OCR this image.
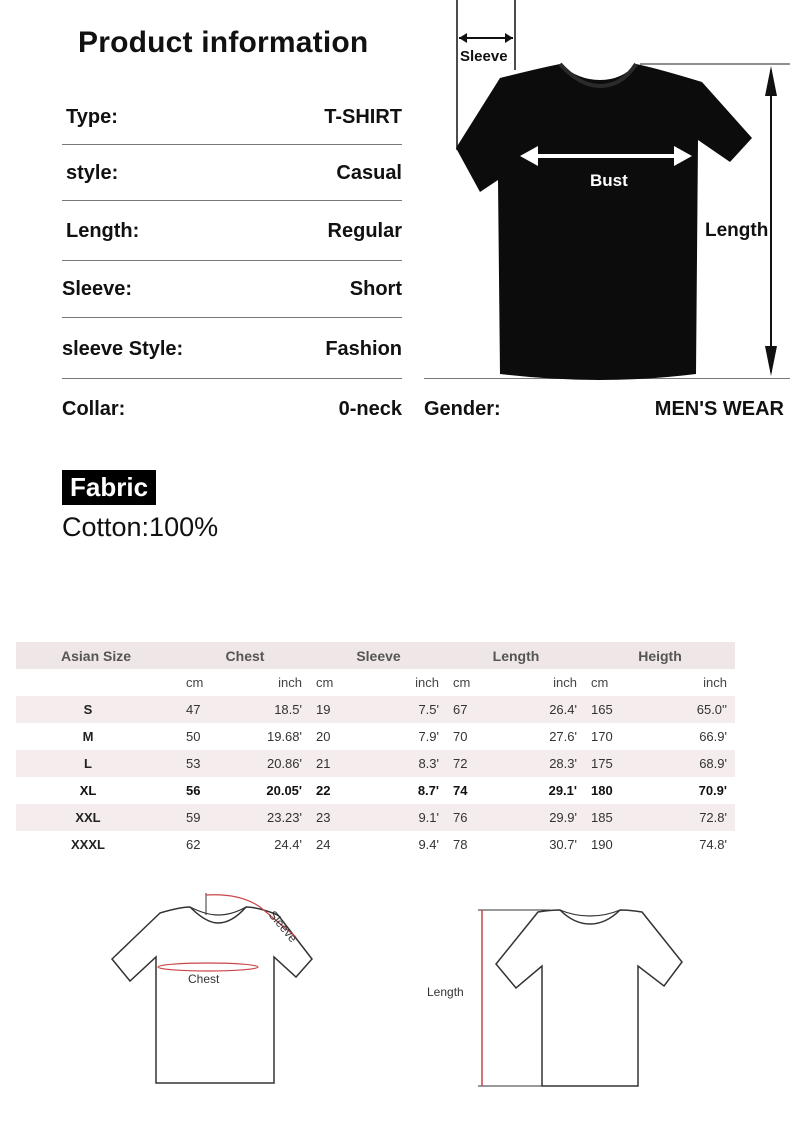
Product information
Type:	T-SHIRT
style:	Casual
Length:	Regular
Sleeve:	Short
sleeve Style:	Fashion
Collar:	0-neck Gender:	MEN'S WEAR
Sleeve
Bust
Length
Fabric
Cotton:100%
Asian Size	Chest		Sleeve		Length		Heigth	
	cm	inch	cm	inch	cm	inch	cm	inch
S	47	18.5'	19	7.5'	67	26.4'	165	65.0''
M	50	19.68'	20	7.9'	70	27.6'	170	66.9'
L	53	20.86'	21	8.3'	72	28.3'	175	68.9'
XL	56	20.05'	22	8.7'	74	29.1'	180	70.9'
XXL	59	23.23'	23	9.1'	76	29.9'	185	72.8'
XXXL	62	24.4'	24	9.4'	78	30.7'	190	74.8'
Sleeve
Chest
Length
